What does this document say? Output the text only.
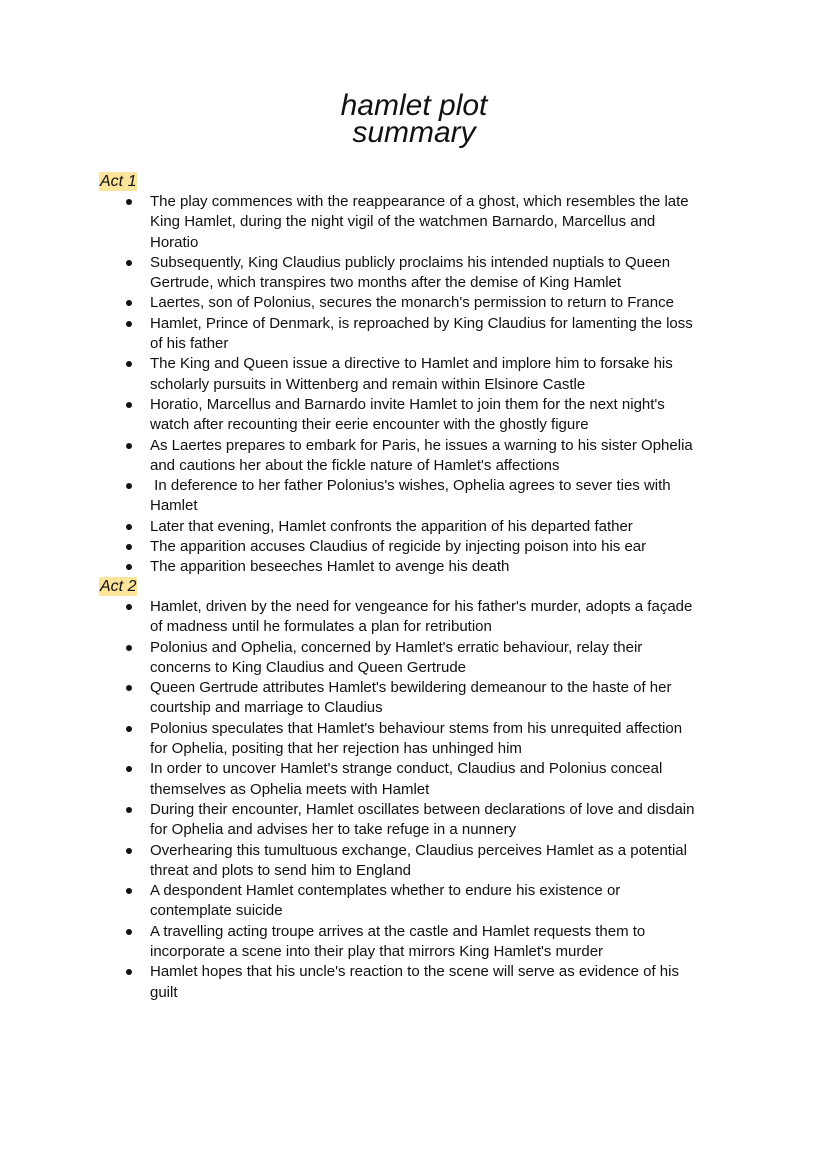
hamlet plot
summary
Act 1
The play commences with the reappearance of a ghost, which resembles the late King Hamlet, during the night vigil of the watchmen Barnardo, Marcellus and Horatio
Subsequently, King Claudius publicly proclaims his intended nuptials to Queen Gertrude, which transpires two months after the demise of King Hamlet
Laertes, son of Polonius, secures the monarch's permission to return to France
Hamlet, Prince of Denmark, is reproached by King Claudius for lamenting the loss of his father
The King and Queen issue a directive to Hamlet and implore him to forsake his scholarly pursuits in Wittenberg and remain within Elsinore Castle
Horatio, Marcellus and Barnardo invite Hamlet to join them for the next night's watch after recounting their eerie encounter with the ghostly figure
As Laertes prepares to embark for Paris, he issues a warning to his sister Ophelia and cautions her about the fickle nature of Hamlet's affections
In deference to her father Polonius's wishes, Ophelia agrees to sever ties with Hamlet
Later that evening, Hamlet confronts the apparition of his departed father
The apparition accuses Claudius of regicide by injecting poison into his ear
The apparition beseeches Hamlet to avenge his death
Act 2
Hamlet, driven by the need for vengeance for his father's murder, adopts a façade of madness until he formulates a plan for retribution
Polonius and Ophelia, concerned by Hamlet's erratic behaviour, relay their concerns to King Claudius and Queen Gertrude
Queen Gertrude attributes Hamlet's bewildering demeanour to the haste of her courtship and marriage to Claudius
Polonius speculates that Hamlet's behaviour stems from his unrequited affection for Ophelia, positing that her rejection has unhinged him
In order to uncover Hamlet's strange conduct, Claudius and Polonius conceal themselves as Ophelia meets with Hamlet
During their encounter, Hamlet oscillates between declarations of love and disdain for Ophelia and advises her to take refuge in a nunnery
Overhearing this tumultuous exchange, Claudius perceives Hamlet as a potential threat and plots to send him to England
A despondent Hamlet contemplates whether to endure his existence or contemplate suicide
A travelling acting troupe arrives at the castle and Hamlet requests them to incorporate a scene into their play that mirrors King Hamlet's murder
Hamlet hopes that his uncle's reaction to the scene will serve as evidence of his guilt
